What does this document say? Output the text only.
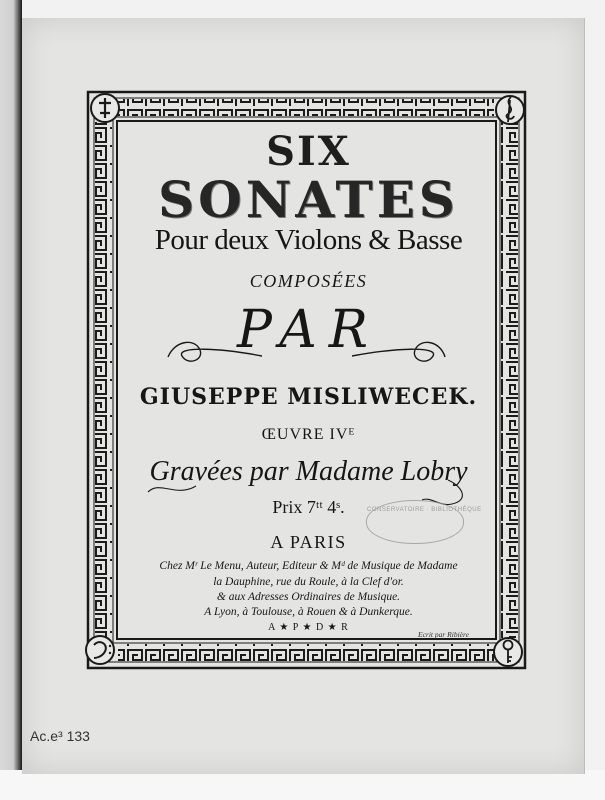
SIX
SONATES
Pour deux Violons & Basse
COMPOSÉES
PAR
GIUSEPPE MISLIWECEK.
ŒUVRE IVᴱ
Gravées par Madame Lobry
Prix 7ᵗᵗ 4ˢ.
A PARIS
Chez Mʳ Le Menu, Auteur, Editeur & Mᵈ de Musique de Madame
la Dauphine, rue du Roule, à la Clef d'or.
& aux Adresses Ordinaires de Musique.
A Lyon, à Toulouse, à Rouen & à Dunkerque.
A ★ P ★ D ★ R
Ecrit par Ribière
CONSERVATOIRE · BIBLIOTHÈQUE
Ac.e³ 133
